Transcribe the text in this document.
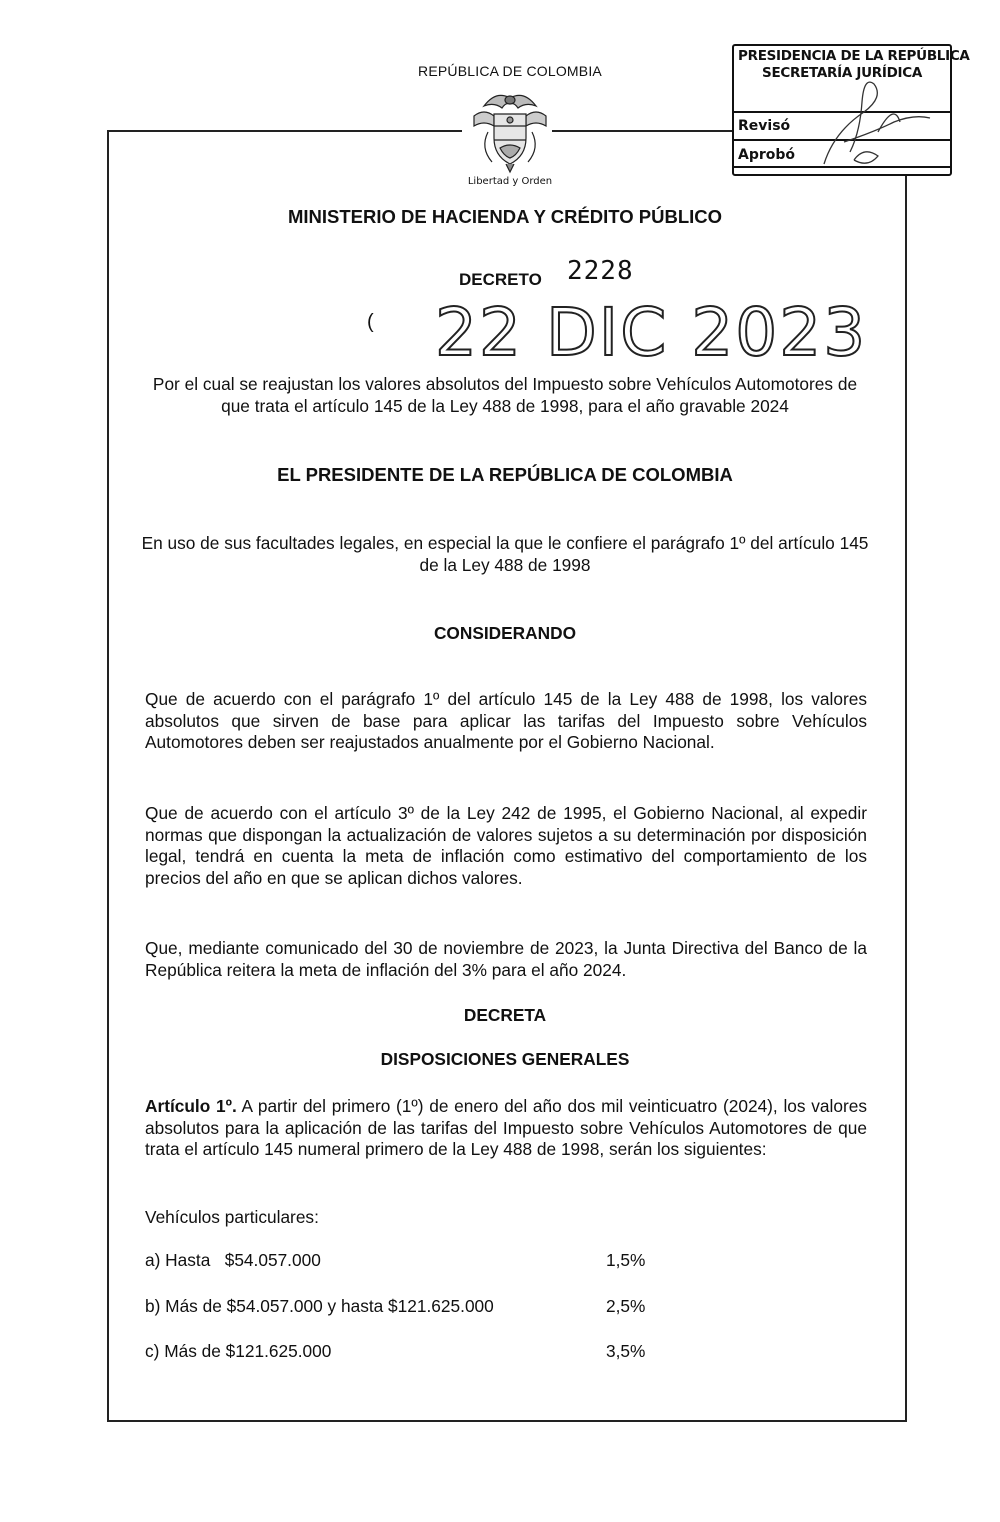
REPÚBLICA DE COLOMBIA
Libertad y Orden
PRESIDENCIA DE LA REPÚBLICA
SECRETARÍA JURÍDICA
Revisó
Aprobó
MINISTERIO DE HACIENDA Y CRÉDITO PÚBLICO
DECRETO 2228
( 22 DIC 2023
Por el cual se reajustan los valores absolutos del Impuesto sobre Vehículos Automotores de que trata el artículo 145 de la Ley 488 de 1998, para el año gravable 2024
EL PRESIDENTE DE LA REPÚBLICA DE COLOMBIA
En uso de sus facultades legales, en especial la que le confiere el parágrafo 1º del artículo 145 de la Ley 488 de 1998
CONSIDERANDO
Que de acuerdo con el parágrafo 1º del artículo 145 de la Ley 488 de 1998, los valores absolutos que sirven de base para aplicar las tarifas del Impuesto sobre Vehículos Automotores deben ser reajustados anualmente por el Gobierno Nacional.
Que de acuerdo con el artículo 3º de la Ley 242 de 1995, el Gobierno Nacional, al expedir normas que dispongan la actualización de valores sujetos a su determinación por disposición legal, tendrá en cuenta la meta de inflación como estimativo del comportamiento de los precios del año en que se aplican dichos valores.
Que, mediante comunicado del 30 de noviembre de 2023, la Junta Directiva del Banco de la República reitera la meta de inflación del 3% para el año 2024.
DECRETA
DISPOSICIONES GENERALES
Artículo 1º. A partir del primero (1º) de enero del año dos mil veinticuatro (2024), los valores absolutos para la aplicación de las tarifas del Impuesto sobre Vehículos Automotores de que trata el artículo 145 numeral primero de la Ley 488 de 1998, serán los siguientes:
Vehículos particulares:
a) Hasta   $54.057.000	1,5%
b) Más de $54.057.000 y hasta $121.625.000	2,5%
c) Más de $121.625.000	3,5%
